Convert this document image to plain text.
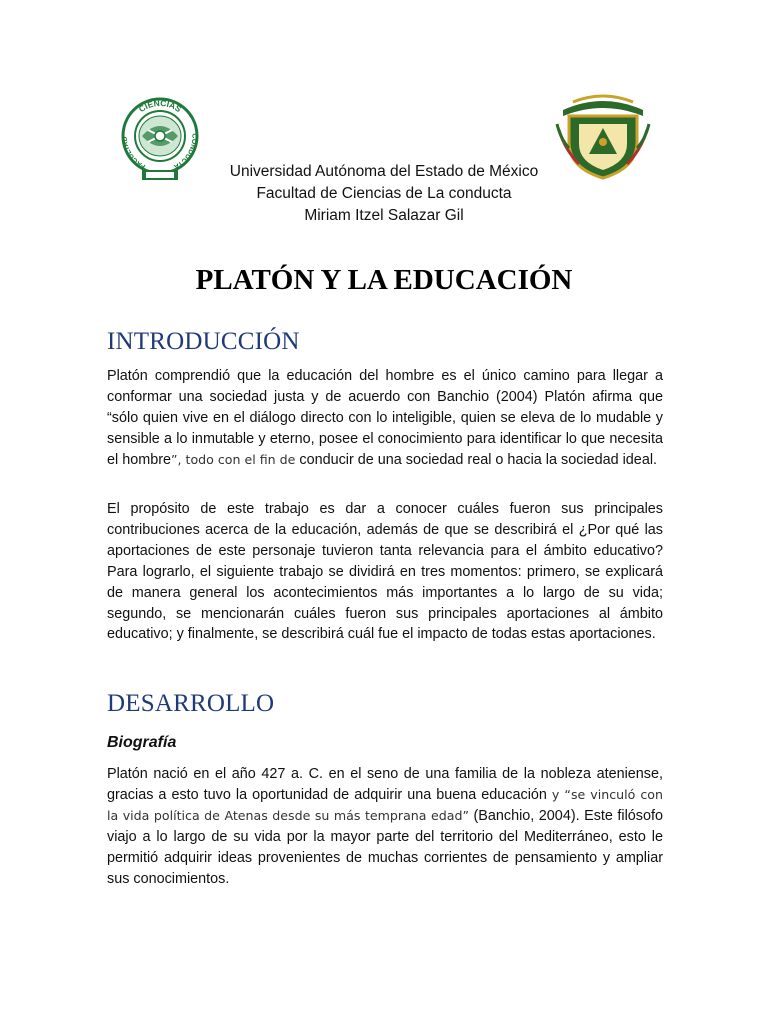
CIENCIAS
FACULTAD
CONDUCTA	Universidad Autónoma del Estado de México
Facultad de Ciencias de La conducta
Miriam Itzel Salazar Gil
PLATÓN Y LA EDUCACIÓN
INTRODUCCIÓN

Platón comprendió que la educación del hombre es el único camino para llegar a conformar una sociedad justa y de acuerdo con Banchio (2004) Platón afirma que “sólo quien vive en el diálogo directo con lo inteligible, quien se eleva de lo mudable y sensible a lo inmutable y eterno, posee el conocimiento para identificar lo que necesita el hombre”, todo con el fin de conducir de una sociedad real o hacia la sociedad ideal.

El propósito de este trabajo es dar a conocer cuáles fueron sus principales contribuciones acerca de la educación, además de que se describirá el ¿Por qué las aportaciones de este personaje tuvieron tanta relevancia para el ámbito educativo? Para lograrlo, el siguiente trabajo se dividirá en tres momentos: primero, se explicará de manera general los acontecimientos más importantes a lo largo de su vida; segundo, se mencionarán cuáles fueron sus principales aportaciones al ámbito educativo; y finalmente, se describirá cuál fue el impacto de todas estas aportaciones.

DESARROLLO
Biografía

Platón nació en el año 427 a. C. en el seno de una familia de la nobleza ateniense, gracias a esto tuvo la oportunidad de adquirir una buena educación y “se vinculó con la vida política de Atenas desde su más temprana edad” (Banchio, 2004). Este filósofo viajo a lo largo de su vida por la mayor parte del territorio del Mediterráneo, esto le permitió adquirir ideas provenientes de muchas corrientes de pensamiento y ampliar sus conocimientos.
